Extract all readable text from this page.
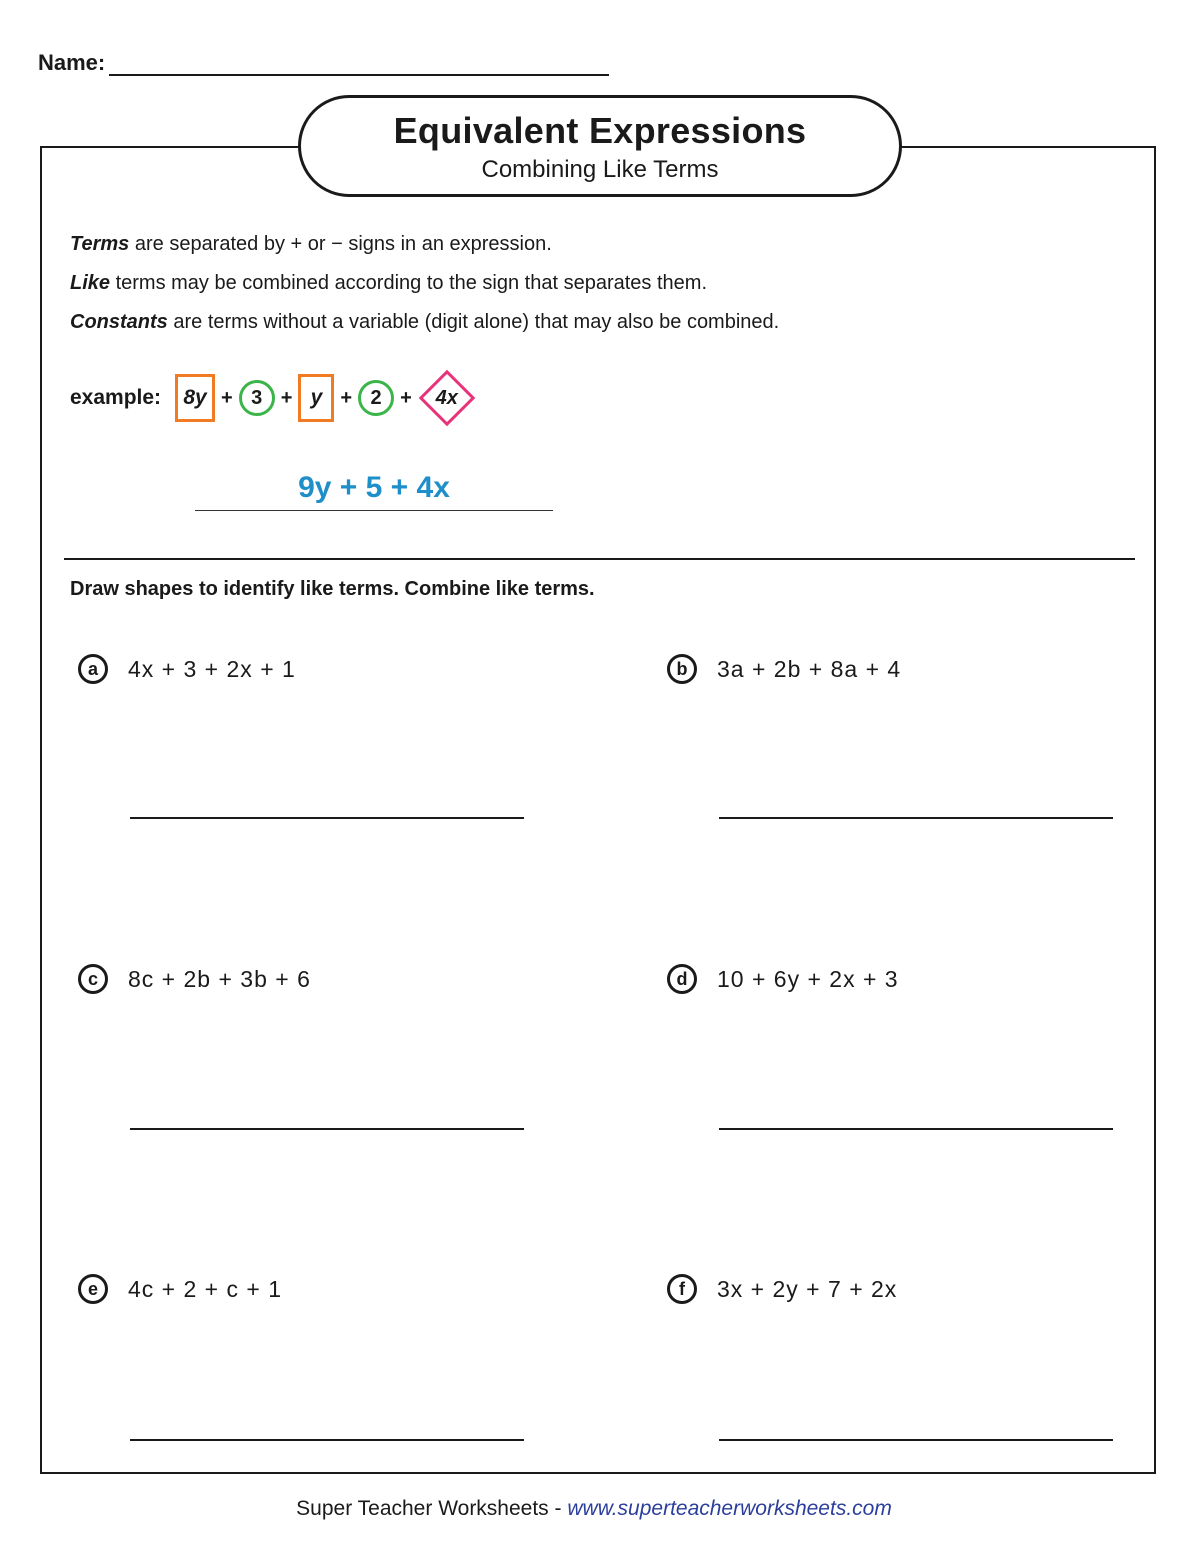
Name:
Equivalent Expressions
Combining Like Terms
Terms are separated by + or − signs in an expression.
Like terms may be combined according to the sign that separates them.
Constants are terms without a variable (digit alone) that may also be combined.
example: 8y + 3 + y + 2 + 4x
9y + 5 + 4x
Draw shapes to identify like terms. Combine like terms.
a	4x + 3 + 2x + 1	b	3a + 2b + 8a + 4
c	8c + 2b + 3b + 6	d	10 + 6y + 2x + 3
e	4c + 2 + c + 1	f	3x + 2y + 7 + 2x
Super Teacher Worksheets - www.superteacherworksheets.com
